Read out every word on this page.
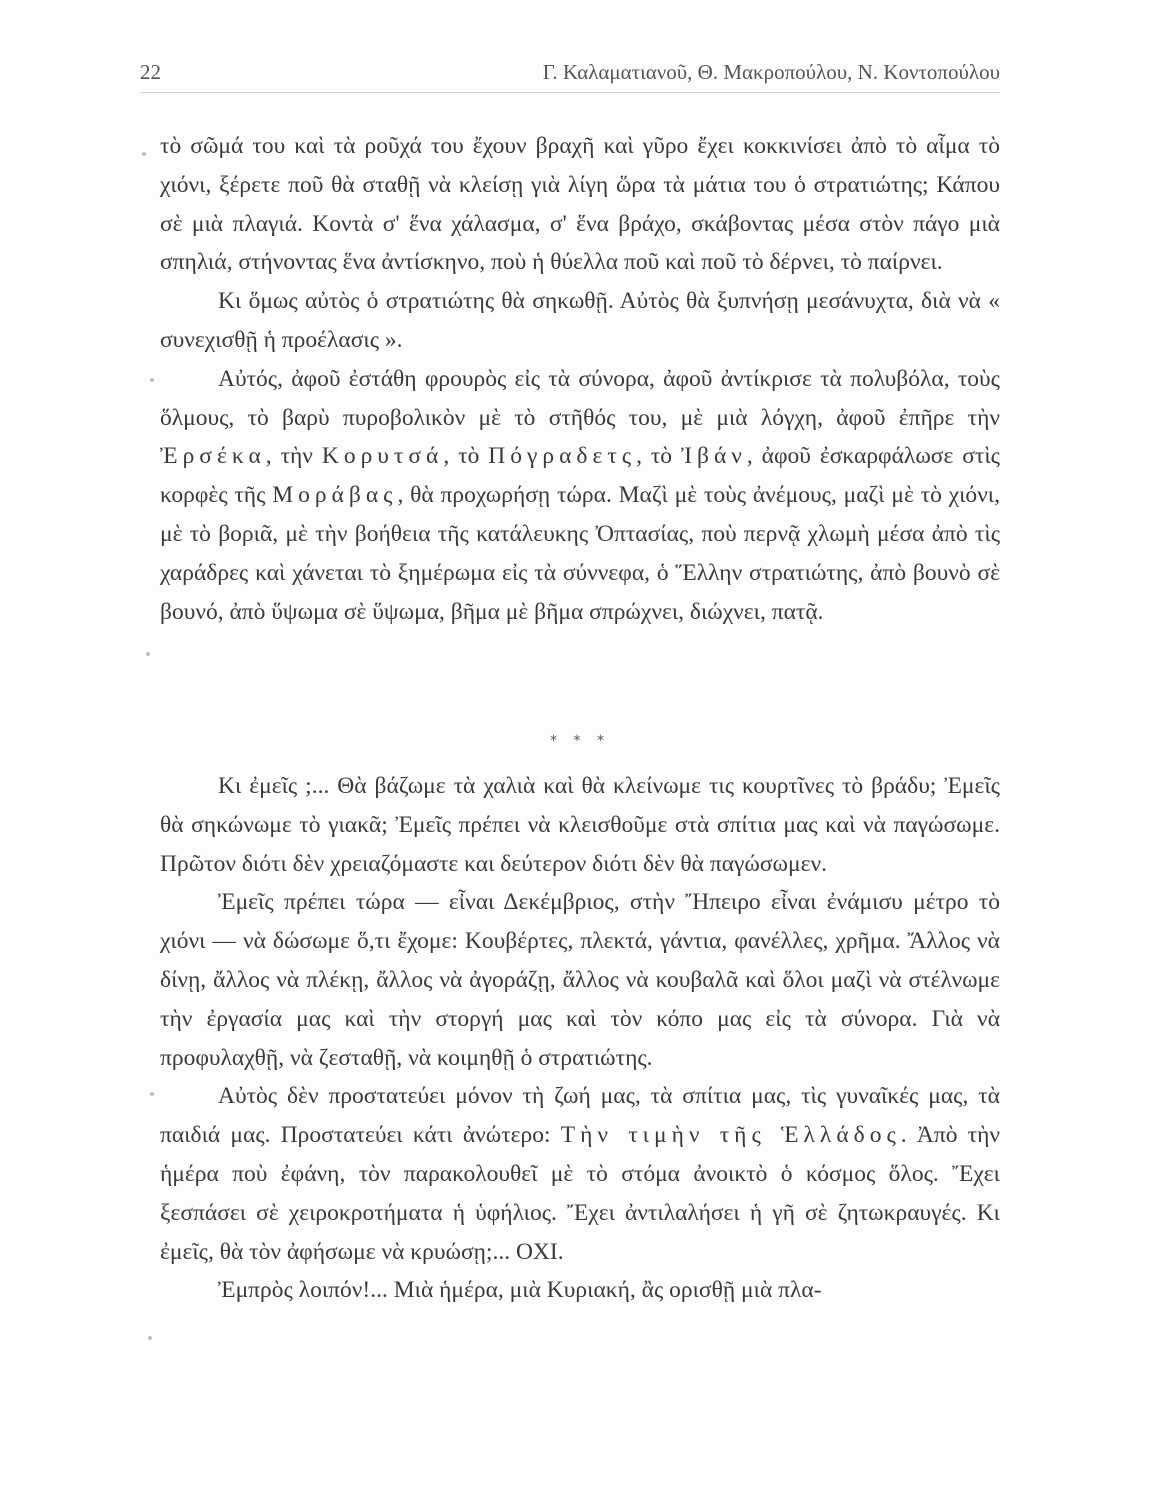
22	Γ. Καλαματιανοῦ, Θ. Μακροπούλου, Ν. Κοντοπούλου

τὸ σῶμά του καὶ τὰ ροῦχά του ἔχουν βραχῆ καὶ γῦρο ἔχει κοκκινίσει ἀπὸ τὸ αἷμα τὸ χιόνι, ξέρετε ποῦ θὰ σταθῇ νὰ κλείσῃ γιὰ λίγη ὥρα τὰ μάτια του ὁ στρατιώτης; Κάπου σὲ μιὰ πλαγιά. Κοντὰ σ' ἕνα χάλασμα, σ' ἕνα βράχο, σκάβοντας μέσα στὸν πάγο μιὰ σπηλιά, στήνοντας ἕνα ἀντίσκηνο, ποὺ ἡ θύελλα ποῦ καὶ ποῦ τὸ δέρνει, τὸ παίρνει.

Κι ὅμως αὐτὸς ὁ στρατιώτης θὰ σηκωθῇ. Αὐτὸς θὰ ξυπνήσῃ μεσάνυχτα, διὰ νὰ « συνεχισθῇ ἡ προέλασις ».

Αὐτός, ἀφοῦ ἐστάθη φρουρὸς εἰς τὰ σύνορα, ἀφοῦ ἀντίκρισε τὰ πολυβόλα, τοὺς ὅλμους, τὸ βαρὺ πυροβολικὸν μὲ τὸ στῆθός του, μὲ μιὰ λόγχη, ἀφοῦ ἐπῆρε τὴν Ἐρσέκα, τὴν Κορυτσά, τὸ Πόγραδετς, τὸ Ἰβάν, ἀφοῦ ἐσκαρφάλωσε στὶς κορφὲς τῆς Μοράβας, θὰ προχωρήσῃ τώρα. Μαζὶ μὲ τοὺς ἀνέμους, μαζὶ μὲ τὸ χιόνι, μὲ τὸ βοριᾶ, μὲ τὴν βοήθεια τῆς κατάλευκης Ὀπτασίας, ποὺ περνᾷ χλωμὴ μέσα ἀπὸ τὶς χαράδρες καὶ χάνεται τὸ ξημέρωμα εἰς τὰ σύννεφα, ὁ Ἕλλην στρατιώτης, ἀπὸ βουνὸ σὲ βουνό, ἀπὸ ὕψωμα σὲ ὕψωμα, βῆμα μὲ βῆμα σπρώχνει, διώχνει, πατᾷ.

* * *

Κι ἐμεῖς ;... Θὰ βάζωμε τὰ χαλιὰ καὶ θὰ κλείνωμε τις κουρτῖνες τὸ βράδυ; Ἐμεῖς θὰ σηκώνωμε τὸ γιακᾶ; Ἐμεῖς πρέπει νὰ κλεισθοῦμε στὰ σπίτια μας καὶ νὰ παγώσωμε. Πρῶτον διότι δὲν χρειαζόμαστε και δεύτερον διότι δὲν θὰ παγώσωμεν.

Ἐμεῖς πρέπει τώρα — εἶναι Δεκέμβριος, στὴν Ἤπειρο εἶναι ἐνάμισυ μέτρο τὸ χιόνι — νὰ δώσωμε ὅ,τι ἔχομε: Κουβέρτες, πλεκτά, γάντια, φανέλλες, χρῆμα. Ἄλλος νὰ δίνῃ, ἄλλος νὰ πλέκῃ, ἄλλος νὰ ἀγοράζῃ, ἄλλος νὰ κουβαλᾶ καὶ ὅλοι μαζὶ νὰ στέλνωμε τὴν ἐργασία μας καὶ τὴν στοργή μας καὶ τὸν κόπο μας εἰς τὰ σύνορα. Γιὰ νὰ προφυλαχθῇ, νὰ ζεσταθῇ, νὰ κοιμηθῇ ὁ στρατιώτης.

Αὐτὸς δὲν προστατεύει μόνον τὴ ζωή μας, τὰ σπίτια μας, τὶς γυναῖκές μας, τὰ παιδιά μας. Προστατεύει κάτι ἀνώτερο: Τὴν τιμὴν τῆς Ἑλλάδος. Ἀπὸ τὴν ἡμέρα ποὺ ἐφάνη, τὸν παρακολουθεῖ μὲ τὸ στόμα ἀνοικτὸ ὁ κόσμος ὅλος. Ἔχει ξεσπάσει σὲ χειροκροτήματα ἡ ὑφήλιος. Ἔχει ἀντιλαλήσει ἡ γῆ σὲ ζητωκραυγές. Κι ἐμεῖς, θὰ τὸν ἀφήσωμε νὰ κρυώσῃ;... ΟΧΙ.

Ἐμπρὸς λοιπόν!... Μιὰ ἡμέρα, μιὰ Κυριακή, ἂς ορισθῇ μιὰ πλα-
